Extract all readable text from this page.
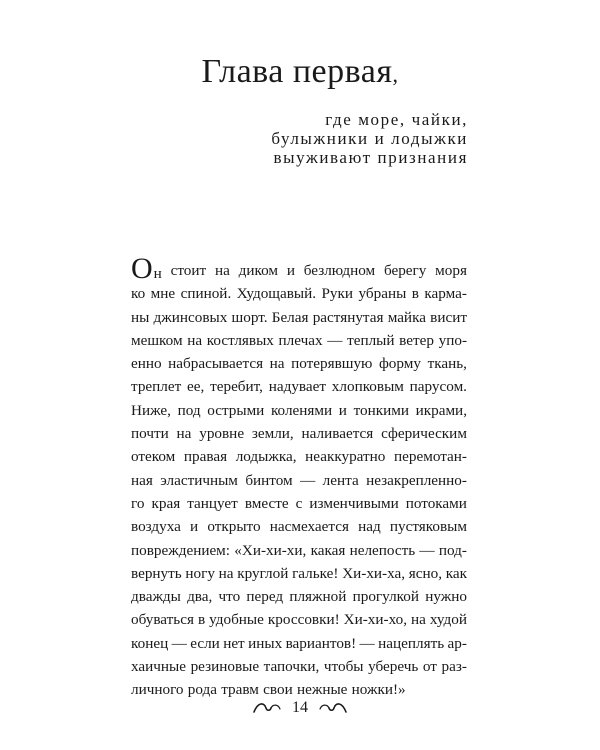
Глава первая,
где море, чайки,
булыжники и лодыжки
выуживают признания
Он стоит на диком и безлюдном берегу моря
ко мне спиной. Худощавый. Руки убраны в карма-
ны джинсовых шорт. Белая растянутая майка висит
мешком на костлявых плечах — теплый ветер упо-
енно набрасывается на потерявшую форму ткань,
треплет ее, теребит, надувает хлопковым парусом.
Ниже, под острыми коленями и тонкими икрами,
почти на уровне земли, наливается сферическим
отеком правая лодыжка, неаккуратно перемотан-
ная эластичным бинтом — лента незакрепленно-
го края танцует вместе с изменчивыми потоками
воздуха и открыто насмехается над пустяковым
повреждением: «Хи-хи-хи, какая нелепость — под-
вернуть ногу на круглой гальке! Хи-хи-ха, ясно, как
дважды два, что перед пляжной прогулкой нужно
обуваться в удобные кроссовки! Хи-хи-хо, на худой
конец — если нет иных вариантов! — нацеплять ар-
хаичные резиновые тапочки, чтобы уберечь от раз-
личного рода травм свои нежные ножки!»
14
